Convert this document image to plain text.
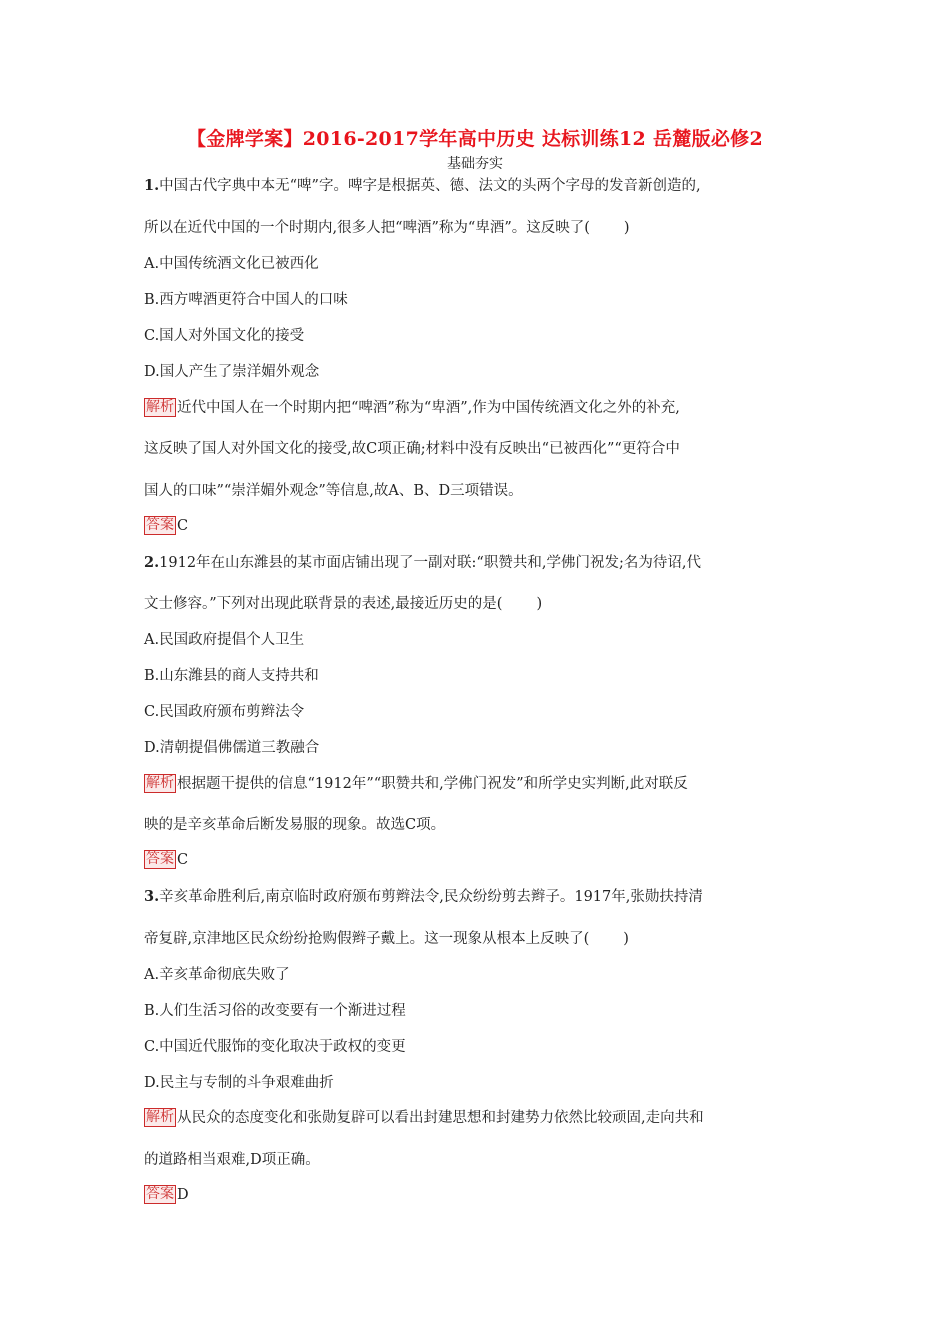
【金牌学案】2016-2017学年高中历史 达标训练12 岳麓版必修2
基础夯实
1.中国古代字典中本无“啤”字。啤字是根据英、德、法文的头两个字母的发音新创造的,
所以在近代中国的一个时期内,很多人把“啤酒”称为“卑酒”。这反映了( )
A.中国传统酒文化已被西化
B.西方啤酒更符合中国人的口味
C.国人对外国文化的接受
D.国人产生了崇洋媚外观念
解析 近代中国人在一个时期内把“啤酒”称为“卑酒”,作为中国传统酒文化之外的补充,
这反映了国人对外国文化的接受,故C项正确;材料中没有反映出“已被西化”“更符合中
国人的口味”“崇洋媚外观念”等信息,故A、B、D三项错误。
答案 C
2.1912年在山东潍县的某市面店铺出现了一副对联:“职赞共和,学佛门祝发;名为待诏,代
文士修容。”下列对出现此联背景的表述,最接近历史的是( )
A.民国政府提倡个人卫生
B.山东潍县的商人支持共和
C.民国政府颁布剪辫法令
D.清朝提倡佛儒道三教融合
解析 根据题干提供的信息“1912年”“职赞共和,学佛门祝发”和所学史实判断,此对联反
映的是辛亥革命后断发易服的现象。故选C项。
答案 C
3.辛亥革命胜利后,南京临时政府颁布剪辫法令,民众纷纷剪去辫子。1917年,张勋扶持清
帝复辟,京津地区民众纷纷抢购假辫子戴上。这一现象从根本上反映了( )
A.辛亥革命彻底失败了
B.人们生活习俗的改变要有一个渐进过程
C.中国近代服饰的变化取决于政权的变更
D.民主与专制的斗争艰难曲折
解析 从民众的态度变化和张勋复辟可以看出封建思想和封建势力依然比较顽固,走向共和
的道路相当艰难,D项正确。
答案 D
